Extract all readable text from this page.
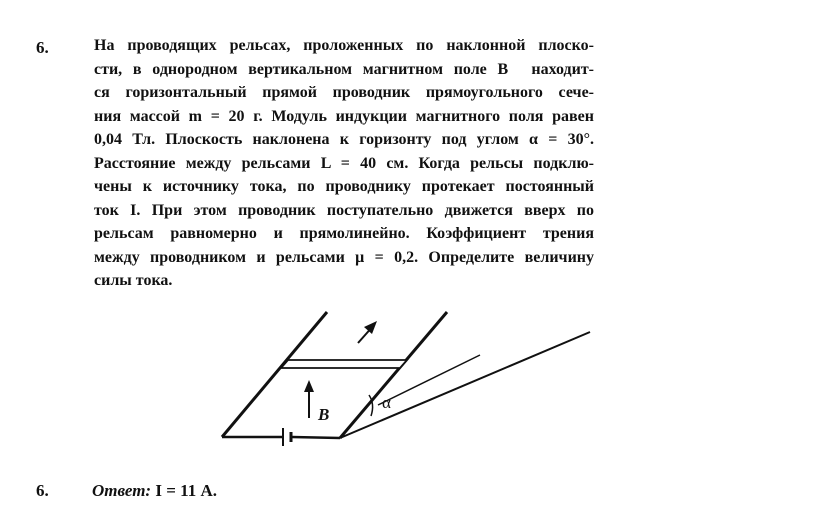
6.	На проводящих рельсах, проложенных по наклонной плоско-
сти, в однородном вертикальном магнитном поле B⃗ находит-
ся горизонтальный прямой проводник прямоугольного сече-
ния массой m = 20 г. Модуль индукции магнитного поля равен
0,04 Тл. Плоскость наклонена к горизонту под углом α = 30°.
Расстояние между рельсами L = 40 см. Когда рельсы подклю-
чены к источнику тока, по проводнику протекает постоянный
ток I. При этом проводник поступательно движется вверх по
рельсам равномерно и прямолинейно. Коэффициент трения
между проводником и рельсами μ = 0,2. Определите величину
силы тока.
B⃗
α
6.	Ответ: I = 11 А.
